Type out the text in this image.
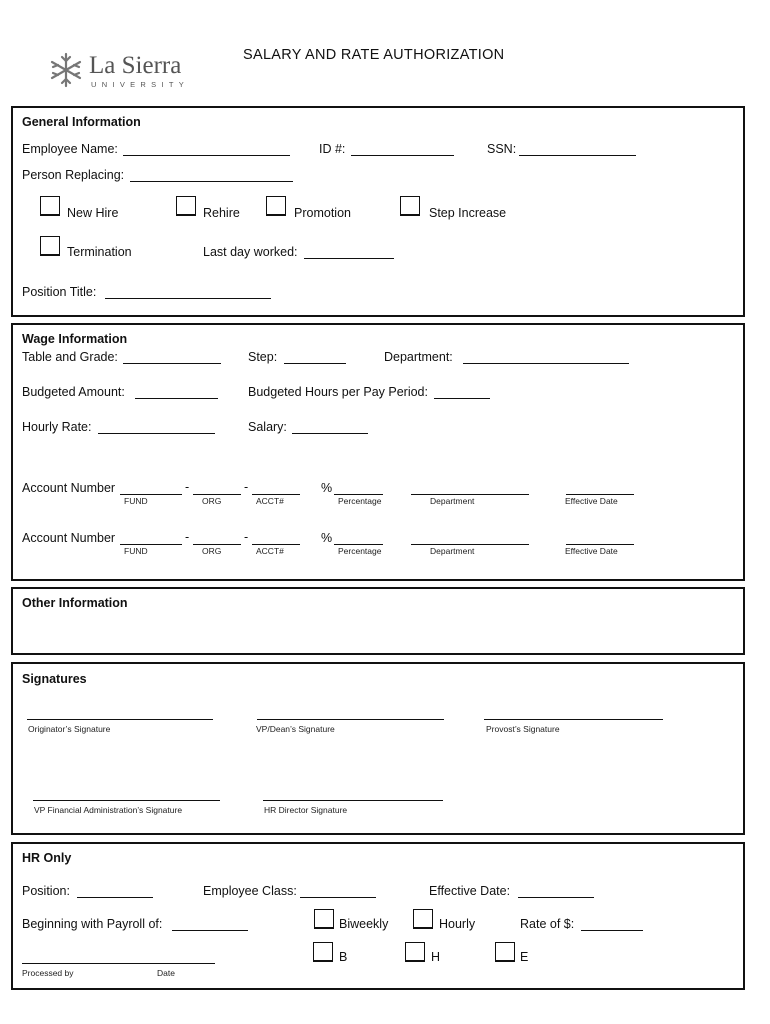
La Sierra
UNIVERSITY
SALARY AND RATE AUTHORIZATION
General Information
Employee Name:	ID #:	SSN:
Person Replacing:
New Hire	Rehire	Promotion	Step Increase
Termination	Last day worked:
Position Title:
Wage Information
Table and Grade:	Step:	Department:
Budgeted Amount:	Budgeted Hours per Pay Period:
Hourly Rate:	Salary:
Account Number	-	-	%
FUND	ORG	ACCT#	Percentage	Department	Effective Date
Account Number	-	-	%
FUND	ORG	ACCT#	Percentage	Department	Effective Date
Other Information
Signatures
Originator’s Signature	VP/Dean’s Signature	Provost’s Signature
VP Financial Administration’s Signature	HR Director Signature
HR Only
Position:	Employee Class:	Effective Date:
Beginning with Payroll of:	Biweekly	Hourly	Rate of $:
B	H	E
Processed by	Date
